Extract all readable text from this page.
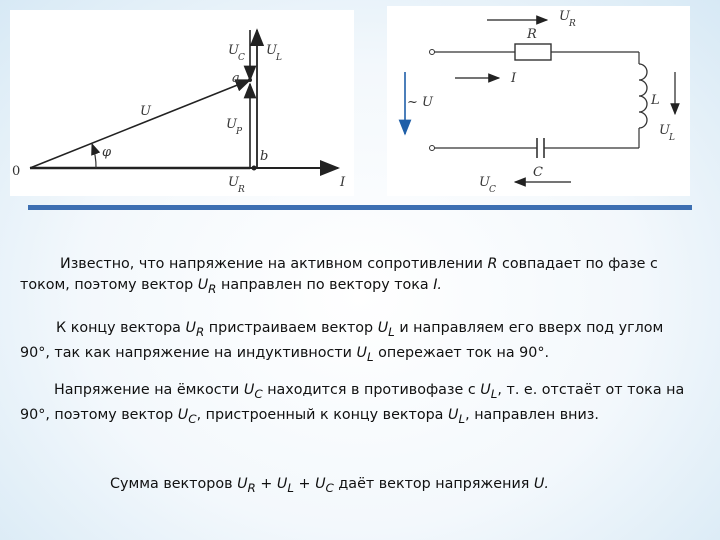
0
U
φ
U C U L
a
U P
b
U R	I
R
U R
I
L
U L
C
U C
~ U

Известно, что напряжение на активном сопротивлении R совпадает по фазе с током, поэтому вектор $U_R$ направлен по вектору тока I.

К концу вектора $U_R$ пристраиваем вектор $U_L$ и направляем его вверх под углом 90°, так как напряжение на индуктивности $U_L$ опережает ток на 90°.

Напряжение на ёмкости $U_C$ находится в противофазе с $U_L$, т. е. отстаёт от тока на 90°, поэтому вектор $U_C$, пристроенный к концу вектора $U_L$, направлен вниз.

Сумма векторов $U_R + U_L + U_C$ даёт вектор напряжения U.
